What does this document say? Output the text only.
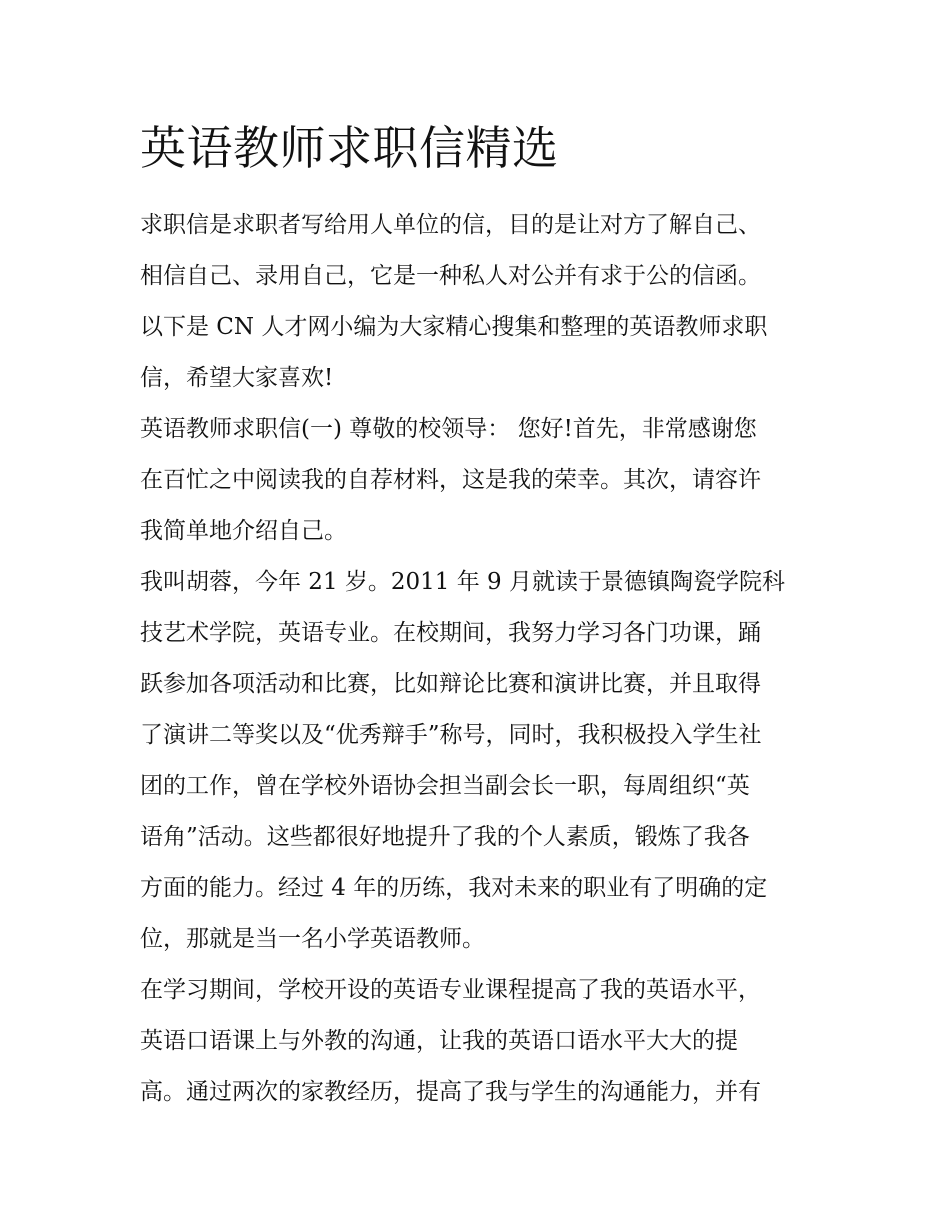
英语教师求职信精选
求职信是求职者写给用人单位的信，目的是让对方了解自己、
相信自己、录用自己，它是一种私人对公并有求于公的信函。
以下是 CN 人才网小编为大家精心搜集和整理的英语教师求职
信，希望大家喜欢!
英语教师求职信(一) 尊敬的校领导： 您好!首先，非常感谢您
在百忙之中阅读我的自荐材料，这是我的荣幸。其次，请容许
我简单地介绍自己。
我叫胡蓉，今年 21 岁。2011 年 9 月就读于景德镇陶瓷学院科
技艺术学院，英语专业。在校期间，我努力学习各门功课，踊
跃参加各项活动和比赛，比如辩论比赛和演讲比赛，并且取得
了演讲二等奖以及“优秀辩手”称号，同时，我积极投入学生社
团的工作，曾在学校外语协会担当副会长一职，每周组织“英
语角”活动。这些都很好地提升了我的个人素质，锻炼了我各
方面的能力。经过 4 年的历练，我对未来的职业有了明确的定
位，那就是当一名小学英语教师。
在学习期间，学校开设的英语专业课程提高了我的英语水平，
英语口语课上与外教的沟通，让我的英语口语水平大大的提
高。通过两次的家教经历，提高了我与学生的沟通能力，并有
